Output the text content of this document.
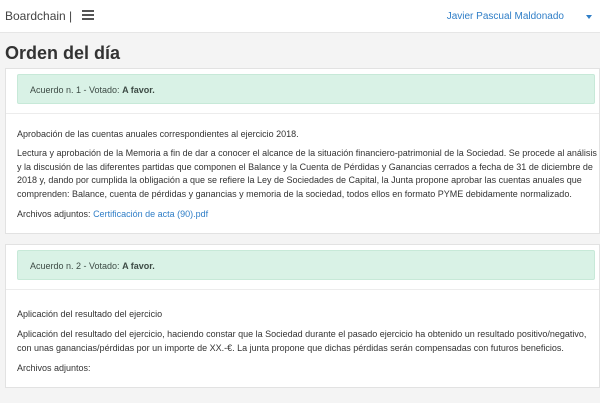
Boardchain |	Javier Pascual Maldonado
Orden del día
Acuerdo n. 1 - Votado: A favor.
Aprobación de las cuentas anuales correspondientes al ejercicio 2018.
Lectura y aprobación de la Memoria a fin de dar a conocer el alcance de la situación financiero-patrimonial de la Sociedad. Se procede al análisis y la discusión de las diferentes partidas que componen el Balance y la Cuenta de Pérdidas y Ganancias cerrados a fecha de 31 de diciembre de 2018 y, dando por cumplida la obligación a que se refiere la Ley de Sociedades de Capital, la Junta propone aprobar las cuentas anuales que comprenden: Balance, cuenta de pérdidas y ganancias y memoria de la sociedad, todos ellos en formato PYME debidamente normalizado.
Archivos adjuntos: Certificación de acta (90).pdf
Acuerdo n. 2 - Votado: A favor.
Aplicación del resultado del ejercicio
Aplicación del resultado del ejercicio, haciendo constar que la Sociedad durante el pasado ejercicio ha obtenido un resultado positivo/negativo, con unas ganancias/pérdidas por un importe de XX.-€. La junta propone que dichas pérdidas serán compensadas con futuros beneficios.
Archivos adjuntos:
